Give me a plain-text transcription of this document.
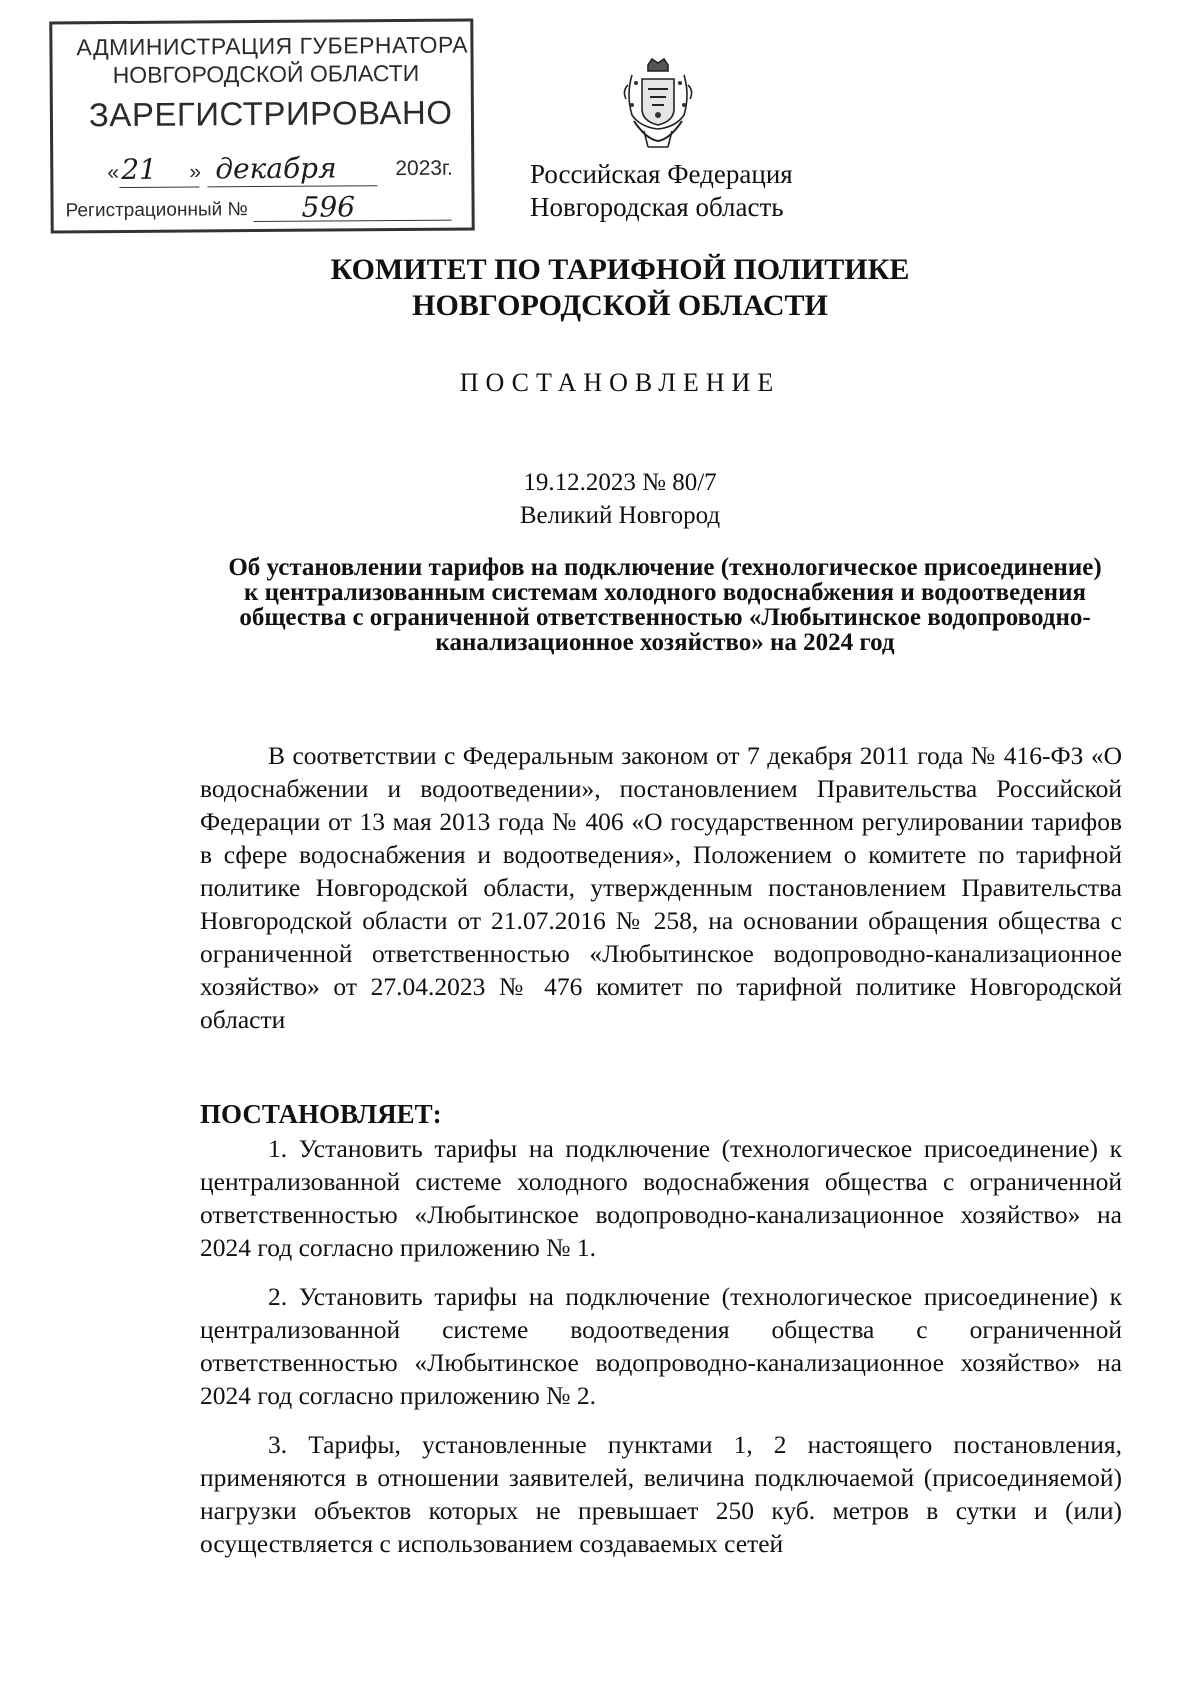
АДМИНИСТРАЦИЯ ГУБЕРНАТОРА
НОВГОРОДСКОЙ ОБЛАСТИ
ЗАРЕГИСТРИРОВАНО
« 21 » декабря	2023г.
Регистрационный № 596
Российская Федерация
Новгородская область
КОМИТЕТ ПО ТАРИФНОЙ ПОЛИТИКЕ НОВГОРОДСКОЙ ОБЛАСТИ
ПОСТАНОВЛЕНИЕ
19.12.2023 № 80/7
Великий Новгород
Об установлении тарифов на подключение (технологическое присоединение) к централизованным системам холодного водоснабжения и водоотведения общества с ограниченной ответственностью «Любытинское водопроводно-канализационное хозяйство» на 2024 год
В соответствии с Федеральным законом от 7 декабря 2011 года № 416-ФЗ «О водоснабжении и водоотведении», постановлением Правительства Российской Федерации от 13 мая 2013 года № 406 «О государственном регулировании тарифов в сфере водоснабжения и водоотведения», Положением о комитете по тарифной политике Новгородской области, утвержденным постановлением Правительства Новгородской области от 21.07.2016 № 258, на основании обращения общества с ограниченной ответственностью «Любытинское водопроводно-канализационное хозяйство» от 27.04.2023 № 476 комитет по тарифной политике Новгородской области
ПОСТАНОВЛЯЕТ:
1. Установить тарифы на подключение (технологическое присоединение) к централизованной системе холодного водоснабжения общества с ограниченной ответственностью «Любытинское водопроводно-канализационное хозяйство» на 2024 год согласно приложению № 1.
2. Установить тарифы на подключение (технологическое присоединение) к централизованной системе водоотведения общества с ограниченной ответственностью «Любытинское водопроводно-канализационное хозяйство» на 2024 год согласно приложению № 2.
3. Тарифы, установленные пунктами 1, 2 настоящего постановления, применяются в отношении заявителей, величина подключаемой (присоединяемой) нагрузки объектов которых не превышает 250 куб. метров в сутки и (или) осуществляется с использованием создаваемых сетей
